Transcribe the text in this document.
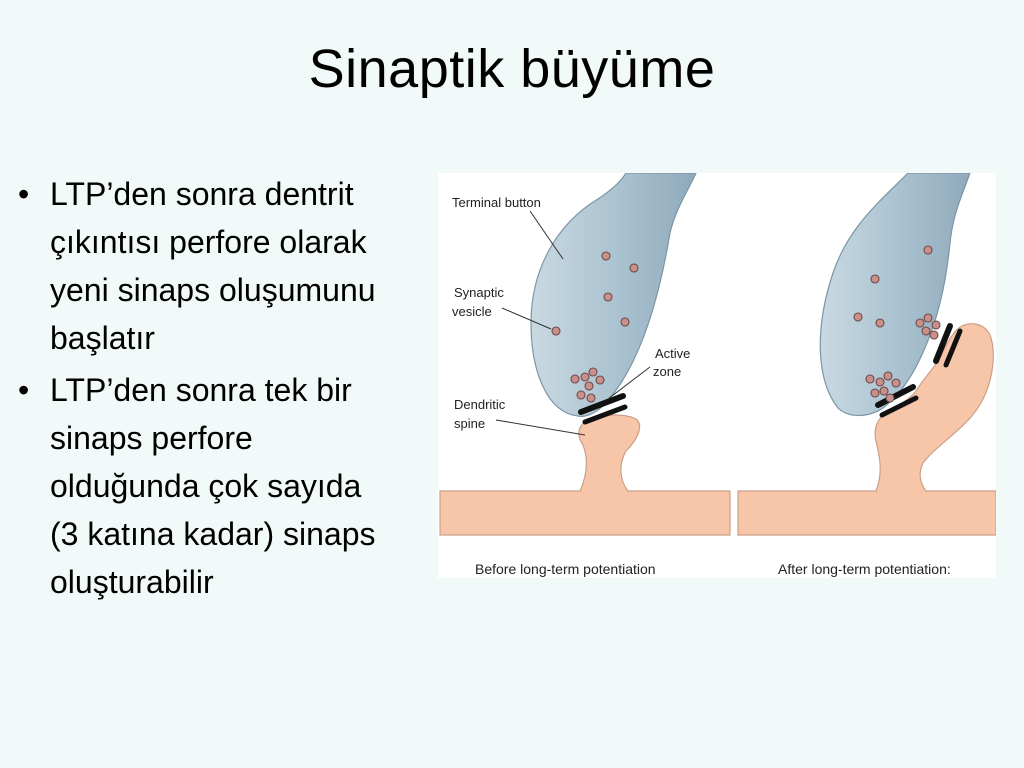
Sinaptik büyüme
• LTP’den sonra dentrit çıkıntısı perfore olarak yeni sinaps oluşumunu başlatır
• LTP’den sonra tek bir sinaps perfore olduğunda çok sayıda (3 katına kadar) sinaps oluşturabilir
Terminal button
Synaptic
vesicle
Active
zone
Dendritic
spine
Before long-term potentiation	After long-term potentiation:
